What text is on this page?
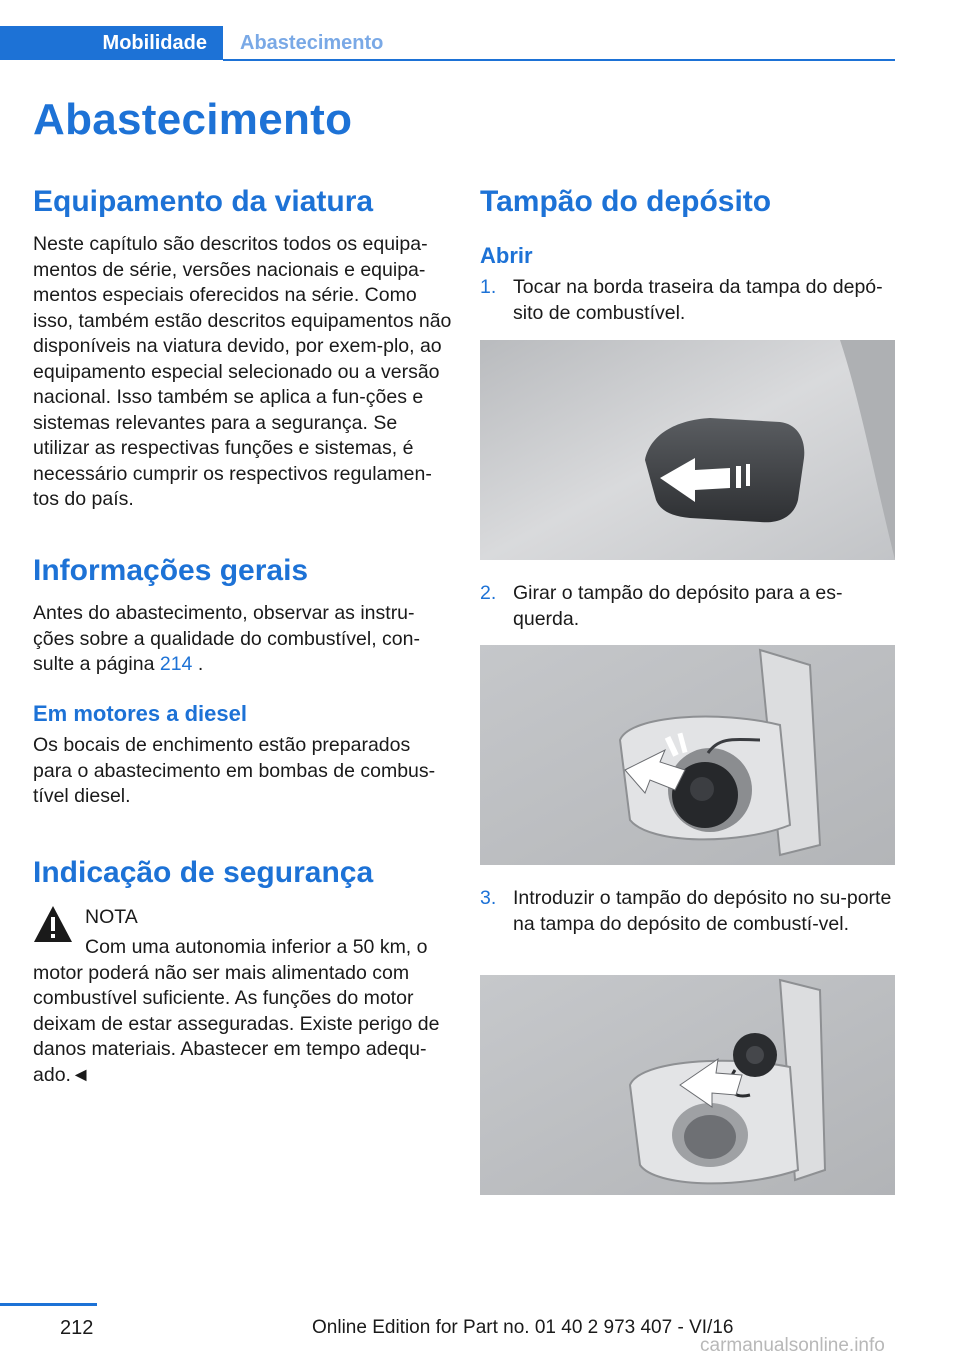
Mobilidade	Abastecimento
Abastecimento
Equipamento da viatura

Neste capítulo são descritos todos os equipa-mentos de série, versões nacionais e equipa-mentos especiais oferecidos na série. Como isso, também estão descritos equipamentos não disponíveis na viatura devido, por exem-plo, ao equipamento especial selecionado ou a versão nacional. Isso também se aplica a fun-ções e sistemas relevantes para a segurança. Se utilizar as respectivas funções e sistemas, é necessário cumprir os respectivos regulamen-tos do país.

Informações gerais

Antes do abastecimento, observar as instru-ções sobre a qualidade do combustível, con-sulte a página 214 .

Em motores a diesel

Os bocais de enchimento estão preparados para o abastecimento em bombas de combus-tível diesel.

Indicação de segurança
NOTA
Com uma autonomia inferior a 50 km, o motor poderá não ser mais alimentado com combustível suficiente. As funções do motor deixam de estar asseguradas. Existe perigo de danos materiais. Abastecer em tempo adequ-ado.◄
Tampão do depósito
Abrir
1. Tocar na borda traseira da tampa do depó-sito de combustível.
2. Girar o tampão do depósito para a es-querda.
3. Introduzir o tampão do depósito no su-porte na tampa do depósito de combustí-vel.
212	Online Edition for Part no. 01 40 2 973 407 - VI/16
carmanualsonline.info
